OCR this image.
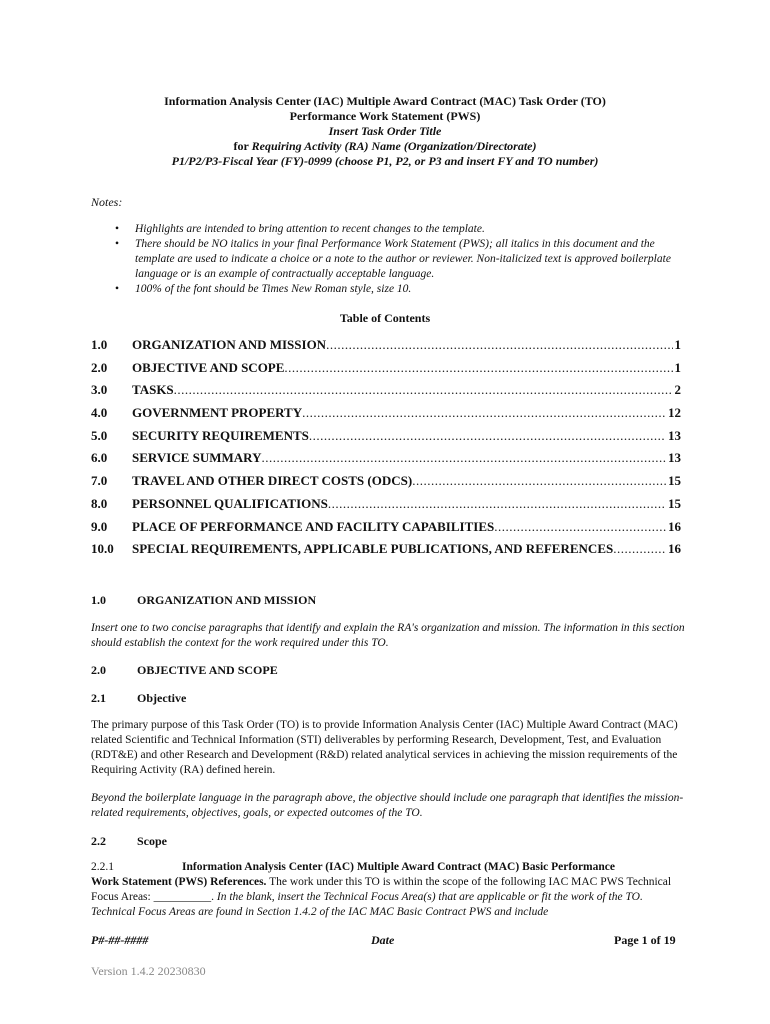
Information Analysis Center (IAC) Multiple Award Contract (MAC) Task Order (TO)
Performance Work Statement (PWS)
Insert Task Order Title
for Requiring Activity (RA) Name (Organization/Directorate)
P1/P2/P3-Fiscal Year (FY)-0999 (choose P1, P2, or P3 and insert FY and TO number)
Notes:
• Highlights are intended to bring attention to recent changes to the template.
• There should be NO italics in your final Performance Work Statement (PWS); all italics in this document and the template are used to indicate a choice or a note to the author or reviewer. Non-italicized text is approved boilerplate language or is an example of contractually acceptable language.
• 100% of the font should be Times New Roman style, size 10.
Table of Contents
1.0	ORGANIZATION AND MISSION .....	1
2.0	OBJECTIVE AND SCOPE .....	1
3.0	TASKS .....	2
4.0	GOVERNMENT PROPERTY .....	12
5.0	SECURITY REQUIREMENTS .....	13
6.0	SERVICE SUMMARY .....	13
7.0	TRAVEL AND OTHER DIRECT COSTS (ODCS) .....	15
8.0	PERSONNEL QUALIFICATIONS .....	15
9.0	PLACE OF PERFORMANCE AND FACILITY CAPABILITIES .....	16
10.0	SPECIAL REQUIREMENTS, APPLICABLE PUBLICATIONS, AND REFERENCES .....	16
1.0	ORGANIZATION AND MISSION
Insert one to two concise paragraphs that identify and explain the RA's organization and mission. The information in this section should establish the context for the work required under this TO.
2.0	OBJECTIVE AND SCOPE
2.1	Objective
The primary purpose of this Task Order (TO) is to provide Information Analysis Center (IAC) Multiple Award Contract (MAC) related Scientific and Technical Information (STI) deliverables by performing Research, Development, Test, and Evaluation (RDT&E) and other Research and Development (R&D) related analytical services in achieving the mission requirements of the Requiring Activity (RA) defined herein.
Beyond the boilerplate language in the paragraph above, the objective should include one paragraph that identifies the mission-related requirements, objectives, goals, or expected outcomes of the TO.
2.2	Scope
2.2.1	Information Analysis Center (IAC) Multiple Award Contract (MAC) Basic Performance
Work Statement (PWS) References. The work under this TO is within the scope of the following IAC MAC PWS Technical Focus Areas: __________. In the blank, insert the Technical Focus Area(s) that are applicable or fit the work of the TO. Technical Focus Areas are found in Section 1.4.2 of the IAC MAC Basic Contract PWS and include
P#-##-####	Date	Page 1 of 19
Version 1.4.2 20230830
